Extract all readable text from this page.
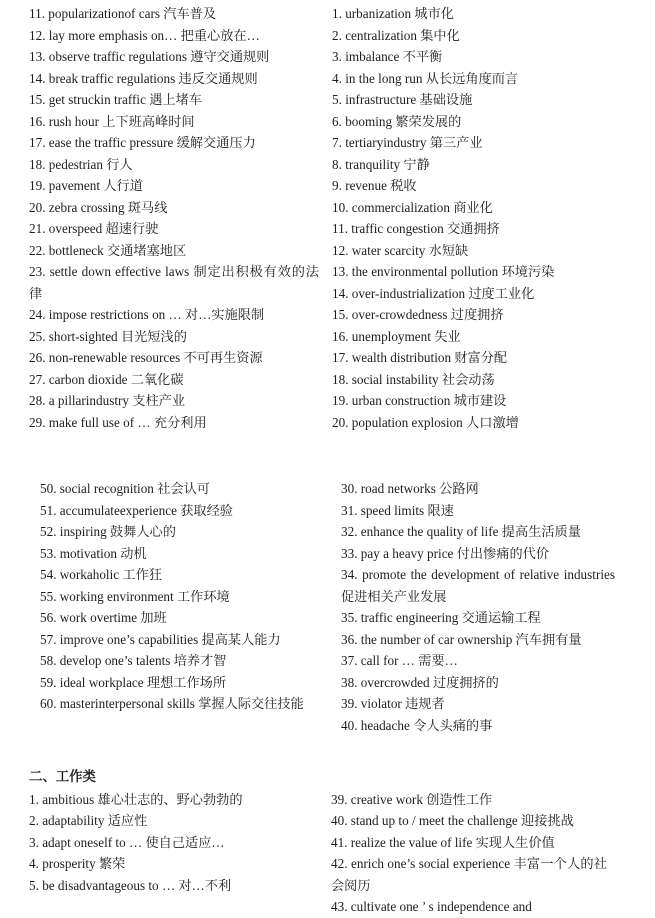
11. popularizationof cars 汽车普及
12. lay more emphasis on… 把重心放在…
13. observe traffic regulations 遵守交通规则
14. break traffic regulations 违反交通规则
15. get struckin traffic 遇上堵车
16. rush hour 上下班高峰时间
17. ease the traffic pressure 缓解交通压力
18. pedestrian 行人
19. pavement 人行道
20. zebra crossing 斑马线
21. overspeed 超速行驶
22. bottleneck 交通堵塞地区
23. settle down effective laws 制定出积极有效的法律
24. impose restrictions on … 对…实施限制
25. short-sighted 目光短浅的
26. non-renewable resources 不可再生资源
27. carbon dioxide 二氧化碳
28. a pillarindustry 支柱产业
29. make full use of … 充分利用
1. urbanization 城市化
2. centralization 集中化
3. imbalance 不平衡
4. in the long run 从长远角度而言
5. infrastructure 基础设施
6. booming 繁荣发展的
7. tertiaryindustry 第三产业
8. tranquility 宁静
9. revenue 税收
10. commercialization 商业化
11. traffic congestion 交通拥挤
12. water scarcity 水短缺
13. the environmental pollution 环境污染
14. over-industrialization 过度工业化
15. over-crowdedness 过度拥挤
16. unemployment 失业
17. wealth distribution 财富分配
18. social instability 社会动荡
19. urban construction 城市建设
20. population explosion 人口激增
50. social recognition 社会认可
51. accumulateexperience 获取经验
52. inspiring 鼓舞人心的
53. motivation 动机
54. workaholic 工作狂
55. working environment 工作环境
56. work overtime 加班
57. improve one’s capabilities 提高某人能力
58. develop one’s talents 培养才智
59. ideal workplace 理想工作场所
60. masterinterpersonal skills 掌握人际交往技能
30. road networks 公路网
31. speed limits 限速
32. enhance the quality of life 提高生活质量
33. pay a heavy price 付出惨痛的代价
34. promote the development of relative industries 促进相关产业发展
35. traffic engineering 交通运输工程
36. the number of car ownership 汽车拥有量
37. call for … 需要…
38. overcrowded 过度拥挤的
39. violator 违规者
40. headache 令人头痛的事
二、工作类
1. ambitious 雄心壮志的、野心勃勃的
2. adaptability 适应性
3. adapt oneself to … 使自己适应…
4. prosperity 繁荣
5. be disadvantageous to … 对…不利
39. creative work 创造性工作
40. stand up to / meet the challenge 迎接挑战
41. realize the value of life 实现人生价值
42. enrich one’s social experience 丰富一个人的社会阅历
43. cultivate one ’ s independence and
